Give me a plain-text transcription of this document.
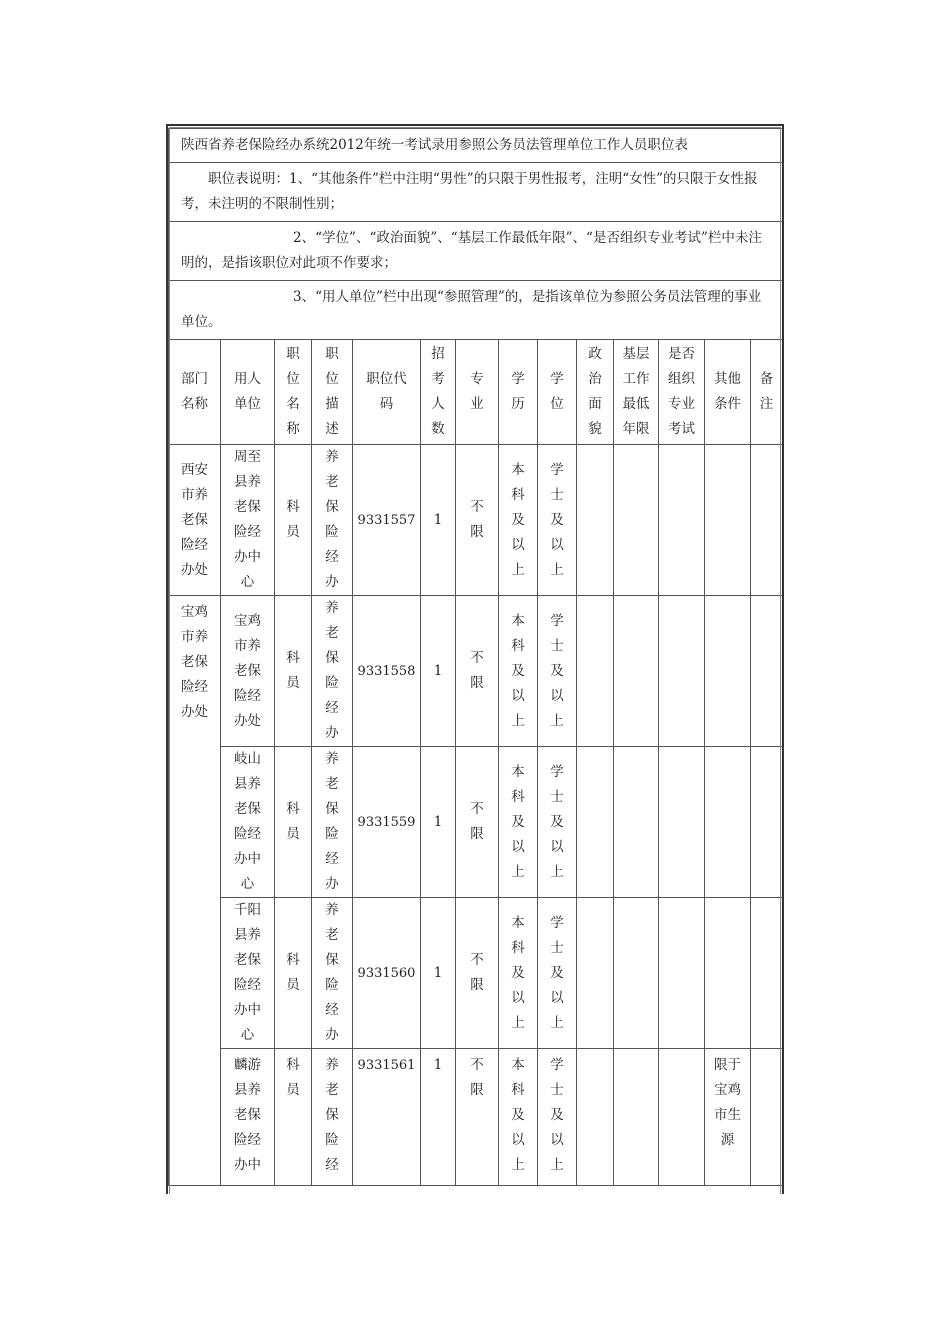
陕西省养老保险经办系统2012年统一考试录用参照公务员法管理单位工作人员职位表													
职位表说明：1、“其他条件”栏中注明“男性”的只限于男性报考，注明“女性”的只限于女性报考，未注明的不限制性别；													
2、“学位”、“政治面貌”、“基层工作最低年限”、“是否组织专业考试”栏中未注明的，是指该职位对此项不作要求；													
3、“用人单位”栏中出现“参照管理”的，是指该单位为参照公务员法管理的事业单位。													
部门名称	用人单位	职位名称	职位描述	职位代码	招考人数	专业	学历	学位	政治面貌	基层工作最低年限	是否组织专业考试	其他条件	备注
西安市养老保险经办处	周至县养老保险经办中心	科员	养老保险经办	9331557	1	不限	本科及以上	学士及以上					
宝鸡市养老保险经办处	宝鸡市养老保险经办处	科员	养老保险经办	9331558	1	不限	本科及以上	学士及以上					
	岐山县养老保险经办中心	科员	养老保险经办	9331559	1	不限	本科及以上	学士及以上					
	千阳县养老保险经办中心	科员	养老保险经办	9331560	1	不限	本科及以上	学士及以上					
	麟游县养老保险经办中	科员	养老保险经	9331561	1	不限	本科及以上	学士及以上				限于宝鸡市生源	
